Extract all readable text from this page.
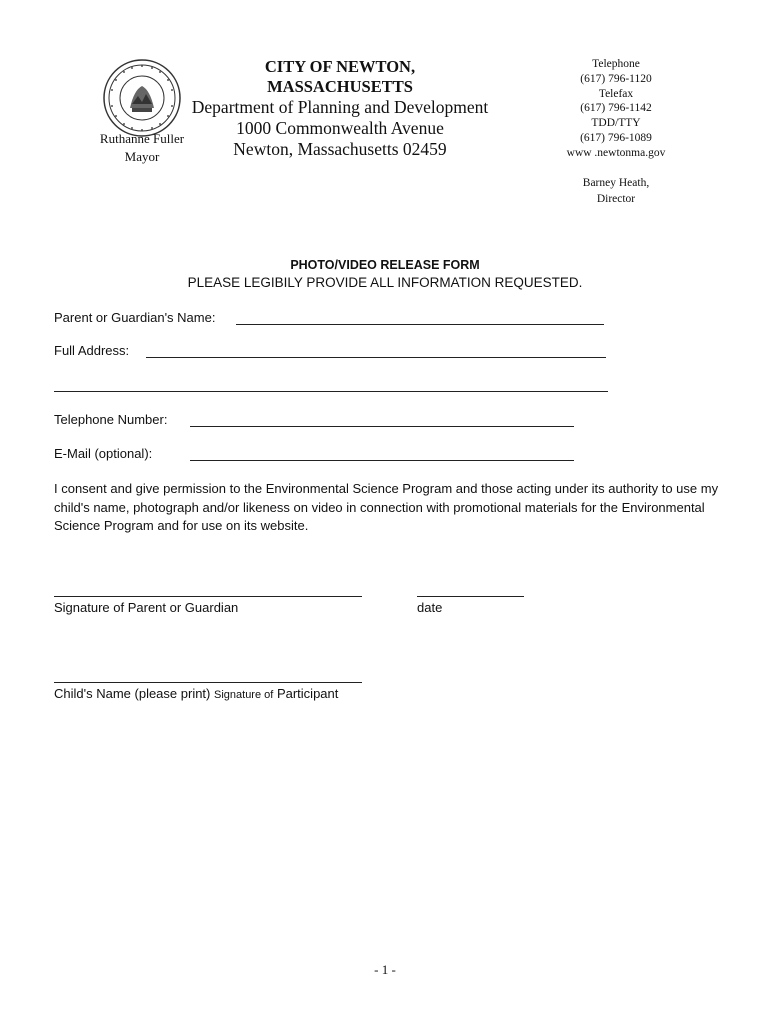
Ruthanne Fuller
Mayor
CITY OF NEWTON, MASSACHUSETTS
Department of Planning and Development
1000 Commonwealth Avenue
Newton, Massachusetts 02459
Telephone
(617) 796-1120
Telefax
(617) 796-1142
TDD/TTY
(617) 796-1089
www .newtonma.gov
Barney Heath,
Director
PHOTO/VIDEO RELEASE FORM
PLEASE LEGIBILY PROVIDE ALL INFORMATION REQUESTED.
Parent or Guardian's Name:
Full Address:
Telephone Number:
E-Mail (optional):
I consent and give permission to the Environmental Science Program and those acting under its authority to use my child's name, photograph and/or likeness on video in connection with promotional materials for the Environmental Science Program and for use on its website.
Signature of Parent or Guardian	date
Child's Name (please print) Signature of Participant
- 1 -
